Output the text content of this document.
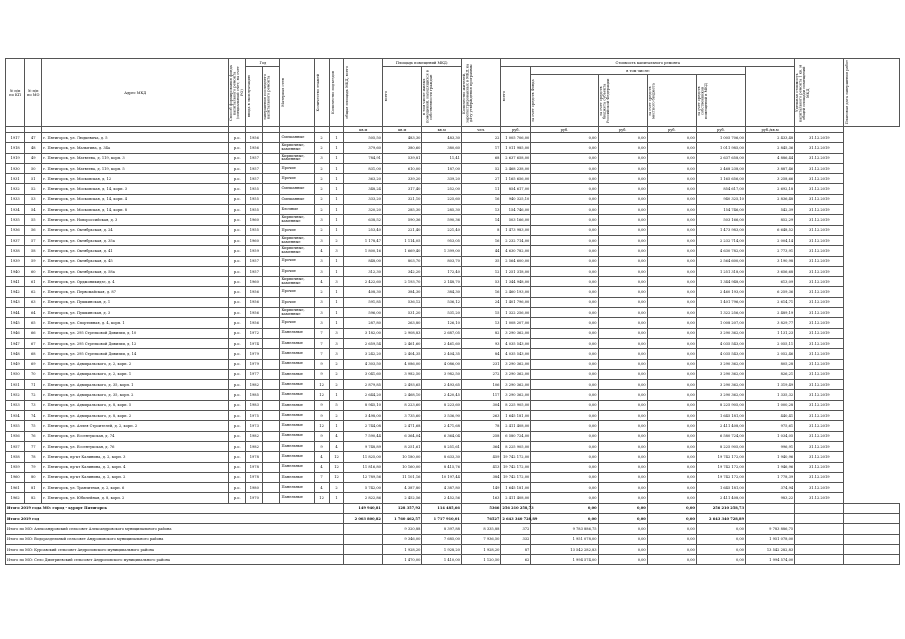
№ п/п по КП	№ п/п по МО	Адрес МКД	Способ формирования фонда капитального ремонта (специальный счет, на счет РО)	Год		Материал стен	Количество этажей	Количество подъездов	общая площадь МКД, всего	Площадь помещений МКД:		Количество жителей, зарегистрированных в МКД на дату утверждения программы	Стоимость капитального ремонта						Удельная стоимость капитального ремонта 1 кв. м общей площади помещений МКД	Плановая дата завершения работ

				ввода в эксплуатацию	завершения последнего капитального ремонта					всего	в том числе жилых помещений, находящихся в собственности граждан		всего	в том числе:						

														за счет средств Фонда	за счет средств бюджета субъекта Российской Федерации	за счет средств местного бюджета	за счет средств собственников помещений в МКД			

									кв.м	кв.м	кв.м	чел.	руб.	руб.	руб.	руб.	руб.	руб./кв.м		
1917	47	г. Пятигорск, ул. Людкевича, д. 5	р.о.	1956		Смешанные	2	1	505,50	483,30	483,30	22	1 005 706,00	0,00	0,00	0,00	1 005 706,00	2 433,48	31.12.2019	
1918	48	г. Пятигорск, ул. Малыгина, д. 34а	р.о.	1956		Кирпичные, каменные	2	1	379,60	380,60	380,60	17	1 011 985,00	0,00	0,00	0,00	1 011 985,00	2 845,36	31.12.2019	
1919	49	г. Пятигорск, ул. Матвеева, д. 119, корп. 3	р.о.	1957		Кирпичные, каменные	3	1	784,91	539,81	11,41	68	2 637 658,00	0,00	0,00	0,00	2 637 658,00	4 886,44	31.12.2019	
1930	50	г. Пятигорск, ул. Матвеева, д. 119, корп. 5	р.о.	1957		Прочие	2	1	831,00	610,00	187,00	52	2 468 238,00	0,00	0,00	0,00	2 468 238,00	3 887,46	31.12.2019	
1931	51	г. Пятигорск, ул. Московская, д. 12	р.о.	1957		Прочие	2	1	363,20	339,20	339,20	27	1 165 656,00	0,00	0,00	0,00	1 165 656,00	3 258,66	31.12.2019	
1932	52	г. Пятигорск, ул. Московская, д. 14, корп. 3	р.о.	1955		Смешанные	2	1	348,24	317,40	252,00	11	854 617,00	0,00	0,00	0,00	854 617,00	2 692,18	31.12.2019	
1933	53	г. Пятигорск, ул. Московская, д. 14, корп. 4	р.о.	1955		Смешанные	2	1	333,20	321,10	225,60	16	940 325,10	0,00	0,00	0,00	940 325,10	2 836,48	31.12.2019	
1934	54	г. Пятигорск, ул. Московская, д. 14, корп. 8	р.о.	1955		Блочные	2	1	320,20	285,30	285,30	13	154 746,00	0,00	0,00	0,00	154 746,00	542,39	31.12.2019	
1935	55	г. Пятигорск, ул. Новороссийская, д. 3	р.о.	1960		Кирпичные, каменные	3	1	638,52	590,36	590,36	14	503 166,00	0,00	0,00	0,00	503 166,00	852,29	31.12.2019	
1936	56	г. Пятигорск, ул. Октябрьская, д. 24	р.о.	1955		Прочие	2	1	253,40	221,40	221,40	8	1 473 983,00	0,00	0,00	0,00	1 473 983,00	6 648,52	31.12.2019	
1937	57	г. Пятигорск, ул. Октябрьская, д. 35а	р.о.	1960		Кирпичные, каменные	3	2	1 178,47	1 114,05	953,05	16	2 232 714,00	0,00	0,00	0,00	2 232 714,00	2 004,14	31.12.2019	
1938	58	г. Пятигорск, ул. Октябрьская, д. 41	р.о.	1959		Кирпичные, каменные	4	3	1 800,16	1 669,40	1 399,00	44	4 630 782,00	0,00	0,00	0,00	4 630 782,00	2 773,91	31.12.2019	
1939	59	г. Пятигорск, ул. Октябрьская, д. 45	р.о.	1957		Прочие	3	1	848,00	803,70	803,70	35	2 564 600,00	0,00	0,00	0,00	2 564 600,00	3 190,98	31.12.2019	
1940	60	г. Пятигорск, ул. Октябрьская, д. 58а	р.о.	1957		Прочие	3	1	312,30	342,20	172,40	12	1 251 318,00	0,00	0,00	0,00	1 251 318,00	3 656,68	31.12.2019	
1941	61	г. Пятигорск, ул. Орджоникидзе, д. 4	р.о.	1960		Кирпичные, каменные	4	3	2 422,60	2 193,70	2 148,70	53	1 344 948,00	0,00	0,00	0,00	1 344 948,00	613,09	31.12.2019	
1942	62	г. Пятигорск, ул. Первомайская, д. 87	р.о.	1956		Прочие	2	1	408,30	384,30	384,30	16	2 460 193,00	0,00	0,00	0,00	2 460 193,00	6 259,36	31.12.2019	
1943	63	г. Пятигорск, ул. Пушкинская, д. 1	р.о.	1956		Прочие	3	1	591,85	536,12	536,12	24	1 401 796,00	0,00	0,00	0,00	1 401 796,00	2 614,71	31.12.2019	
1944	64	г. Пятигорск, ул. Пушкинская, д. 3	р.о.	1956		Кирпичные, каменные	3	1	596,00	531,20	531,20	15	1 322 256,00	0,00	0,00	0,00	1 322 256,00	2 489,19	31.12.2019	
1945	65	г. Пятигорск, ул. Спортивная, д. 4, корп. 1	р.о.	1956		Прочие	3	1	287,80	263,80	126,10	13	1 008 207,00	0,00	0,00	0,00	1 008 207,00	3 829,77	31.12.2019	
1946	66	г. Пятигорск, ул. 295 Стрелковой Дивизии, д. 10	р.о.	1972		Панельные	7	3	3 182,00	2 908,83	2 687,05	82	3 290 362,00	0,00	0,00	0,00	3 290 362,00	1 131,23	31.12.2019	
1947	67	г. Пятигорск, ул. 295 Стрелковой Дивизии, д. 12	р.о.	1974		Панельные	7	3	2 659,54	2 461,60	2 461,60	93	4 035 543,00	0,00	0,00	0,00	4 035 543,00	2 055,11	31.12.2019	
1948	68	г. Пятигорск, ул. 295 Стрелковой Дивизии, д. 14	р.о.	1979		Панельные	7	3	3 242,20	2 404,35	2 404,35	84	4 035 543,00	0,00	0,00	0,00	4 035 543,00	2 052,46	31.12.2019	
1949	69	г. Пятигорск, ул. Адмиральского, д. 2, корп. 2	р.о.	1979		Панельные	9	2	4 303,50	4 086,00	4 086,00	231	3 290 362,00	0,00	0,00	0,00	3 290 362,00	805,28	31.12.2019	
1950	70	г. Пятигорск, ул. Адмиральского, д. 2, корп. 1	р.о.	1977		Панельные	9	2	3 041,60	3 982,50	3 982,50	272	3 290 362,00	0,00	0,00	0,00	3 290 362,00	826,21	31.12.2019	
1951	71	г. Пятигорск, ул. Адмиральского, д. 35, корп. 1	р.о.	1982		Панельные	12	2	2 879,85	2 493,65	2 493,65	106	3 290 362,00	0,00	0,00	0,00	3 290 362,00	1 319,49	31.12.2019	
1952	72	г. Пятигорск, ул. Адмиральского, д. 35, корп. 2	р.о.	1985		Панельные	12	1	2 644,20	2 468,10	2 420,45	117	3 290 362,00	0,00	0,00	0,00	3 290 362,00	1 335,32	31.12.2019	
1953	73	г. Пятигорск, ул. Адмиральского, д. 8, корп. 5	р.о.	1983		Панельные	9	5	8 945,10	8 223,60	8 223,60	304	8 225 905,00	0,00	0,00	0,00	8 225 905,00	1 000,28	31.12.2019	
1954	74	г. Пятигорск, ул. Адмиральского, д. 8, корп. 2	р.о.	1975		Панельные	9	2	3 498,00	3 735,60	3 536,90	263	1 645 181,00	0,00	0,00	0,00	1 645 181,00	440,41	31.12.2019	
1955	75	г. Пятигорск, ул. Аллея Строителей, д. 2, корп. 2	р.о.	1973		Панельные	12	1	2 744,08	2 471,68	2 471,68	78	2 411 408,00	0,00	0,00	0,00	2 411 408,00	975,61	31.12.2019	
1956	76	г. Пятигорск, ул. Ессентукская, д. 74	р.о.	1982		Панельные	9	4	7 590,44	6 364,04	6 364,04	258	6 580 724,00	0,00	0,00	0,00	6 580 724,00	1 034,05	31.12.2019	
1957	77	г. Пятигорск, ул. Ессентукская, д. 76	р.о.	1982		Панельные	9	4	9 748,89	8 251,61	8 251,61	364	8 225 905,00	0,00	0,00	0,00	8 225 905,00	996,91	31.12.2019	
1958	78	г. Пятигорск, пр-кт Калинина, д. 2, корп. 3	р.о.	1978		Панельные	4	12	11 825,00	10 180,00	8 633,30	459	19 742 172,00	0,00	0,00	0,00	19 742 172,00	1 940,96	31.12.2019	
1959	79	г. Пятигорск, пр-кт Калинина, д. 2, корп. 4	р.о.	1978		Панельные	4	12	11 816,80	10 160,00	8 415,76	413	19 742 172,00	0,00	0,00	0,00	19 742 172,00	1 946,96	31.12.2019	
1960	80	г. Пятигорск, пр-кт Калинина, д. 2, корп. 2	р.о.	1978		Панельные	7	12	12 789,56	11 101,16	10 197,44	384	19 742 172,00	0,00	0,00	0,00	19 742 172,00	1 778,39	31.12.2019	
1961	81	г. Пятигорск, ул. Транзитная, д. 2, корп. 6	р.о.	1980		Панельные	4	2	5 742,00	4 387,80	4 387,80	149	1 645 181,00	0,00	0,00	0,00	1 645 181,00	374,94	31.12.2019	
1962	82	г. Пятигорск, ул. Юбилейная, д. 8, корп. 2	р.о.	1970		Панельные	12	1	2 822,86	2 452,56	2 452,56	163	2 411 408,00	0,00	0,00	0,00	2 411 408,00	983,22	31.12.2019	
Итого 2019 года МО: город - курорт Пятигорск									149 940,81	128 357,92	114 485,66	5366	256 210 258,73	0,00	0,00	0,00	256 210 258,73			
Итого 2019 год									2 003 800,82	1 760 462,57	1 717 910,01	76527	2 643 340 728,89	0,00	0,00	0,00	2 643 340 728,89			
Итого по МО: Александровский сельсовет Александровского муниципального района										9 320,88	8 397,88	8 335,88	372	9 783 886,75	0,00	0,00	0,00	9 783 886,75		
Итого по МО: Водораздельный сельсовет Андроповского муниципального района										9 346,00	7 685,00	7 936,50	332	1 951 078,00	0,00	0,00	0,00	1 951 078,00		
Итого по МО: Курсавский сельсовет Андроповского муниципального района										1 928,20	1 928,20	1 928,20	87	13 542 282,83	0,00	0,00	0,00	13 542 282,83		
Итого по МО: Село Дмитриевский сельсовет Андроповского муниципального района										1 470,00	1 410,00	1 120,50	62	1 994 574,00	0,00	0,00	0,00	1 994 574,00		
